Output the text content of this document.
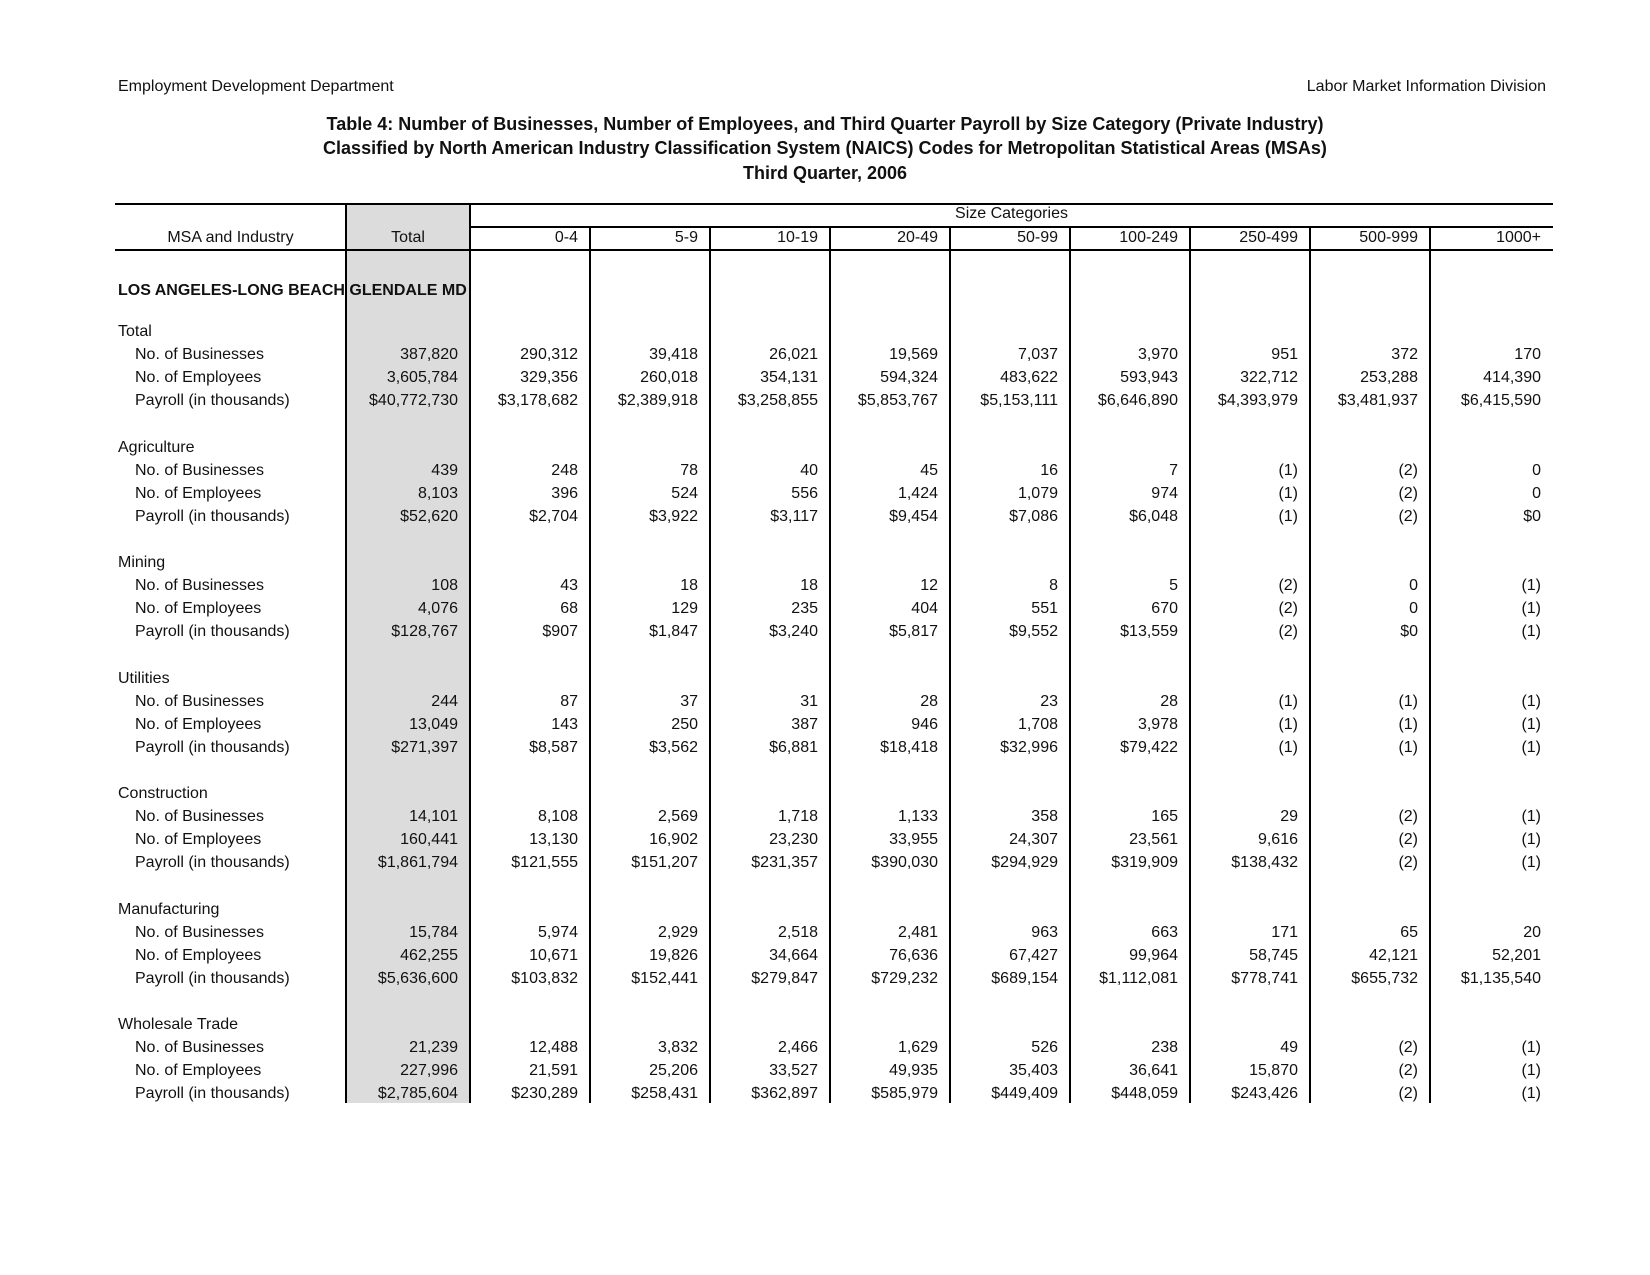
Employment Development Department	Labor Market Information Division
Table 4: Number of Businesses, Number of Employees, and Third Quarter Payroll by Size Category (Private Industry)
Classified by North American Industry Classification System (NAICS) Codes for Metropolitan Statistical Areas (MSAs)
Third Quarter, 2006
Size Categories
MSA and Industry	Total	0-4	5-9	10-19	20-49	50-99	100-249	250-499	500-999	1000+
LOS ANGELES-LONG BEACH GLENDALE MD
Total
No. of Businesses	387,820	290,312	39,418	26,021	19,569	7,037	3,970	951	372	170
No. of Employees	3,605,784	329,356	260,018	354,131	594,324	483,622	593,943	322,712	253,288	414,390
Payroll (in thousands)	$40,772,730	$3,178,682	$2,389,918	$3,258,855	$5,853,767	$5,153,111	$6,646,890	$4,393,979	$3,481,937	$6,415,590
Agriculture
No. of Businesses	439	248	78	40	45	16	7	(1)	(2)	0
No. of Employees	8,103	396	524	556	1,424	1,079	974	(1)	(2)	0
Payroll (in thousands)	$52,620	$2,704	$3,922	$3,117	$9,454	$7,086	$6,048	(1)	(2)	$0
Mining
No. of Businesses	108	43	18	18	12	8	5	(2)	0	(1)
No. of Employees	4,076	68	129	235	404	551	670	(2)	0	(1)
Payroll (in thousands)	$128,767	$907	$1,847	$3,240	$5,817	$9,552	$13,559	(2)	$0	(1)
Utilities
No. of Businesses	244	87	37	31	28	23	28	(1)	(1)	(1)
No. of Employees	13,049	143	250	387	946	1,708	3,978	(1)	(1)	(1)
Payroll (in thousands)	$271,397	$8,587	$3,562	$6,881	$18,418	$32,996	$79,422	(1)	(1)	(1)
Construction
No. of Businesses	14,101	8,108	2,569	1,718	1,133	358	165	29	(2)	(1)
No. of Employees	160,441	13,130	16,902	23,230	33,955	24,307	23,561	9,616	(2)	(1)
Payroll (in thousands)	$1,861,794	$121,555	$151,207	$231,357	$390,030	$294,929	$319,909	$138,432	(2)	(1)
Manufacturing
No. of Businesses	15,784	5,974	2,929	2,518	2,481	963	663	171	65	20
No. of Employees	462,255	10,671	19,826	34,664	76,636	67,427	99,964	58,745	42,121	52,201
Payroll (in thousands)	$5,636,600	$103,832	$152,441	$279,847	$729,232	$689,154	$1,112,081	$778,741	$655,732	$1,135,540
Wholesale Trade
No. of Businesses	21,239	12,488	3,832	2,466	1,629	526	238	49	(2)	(1)
No. of Employees	227,996	21,591	25,206	33,527	49,935	35,403	36,641	15,870	(2)	(1)
Payroll (in thousands)	$2,785,604	$230,289	$258,431	$362,897	$585,979	$449,409	$448,059	$243,426	(2)	(1)
